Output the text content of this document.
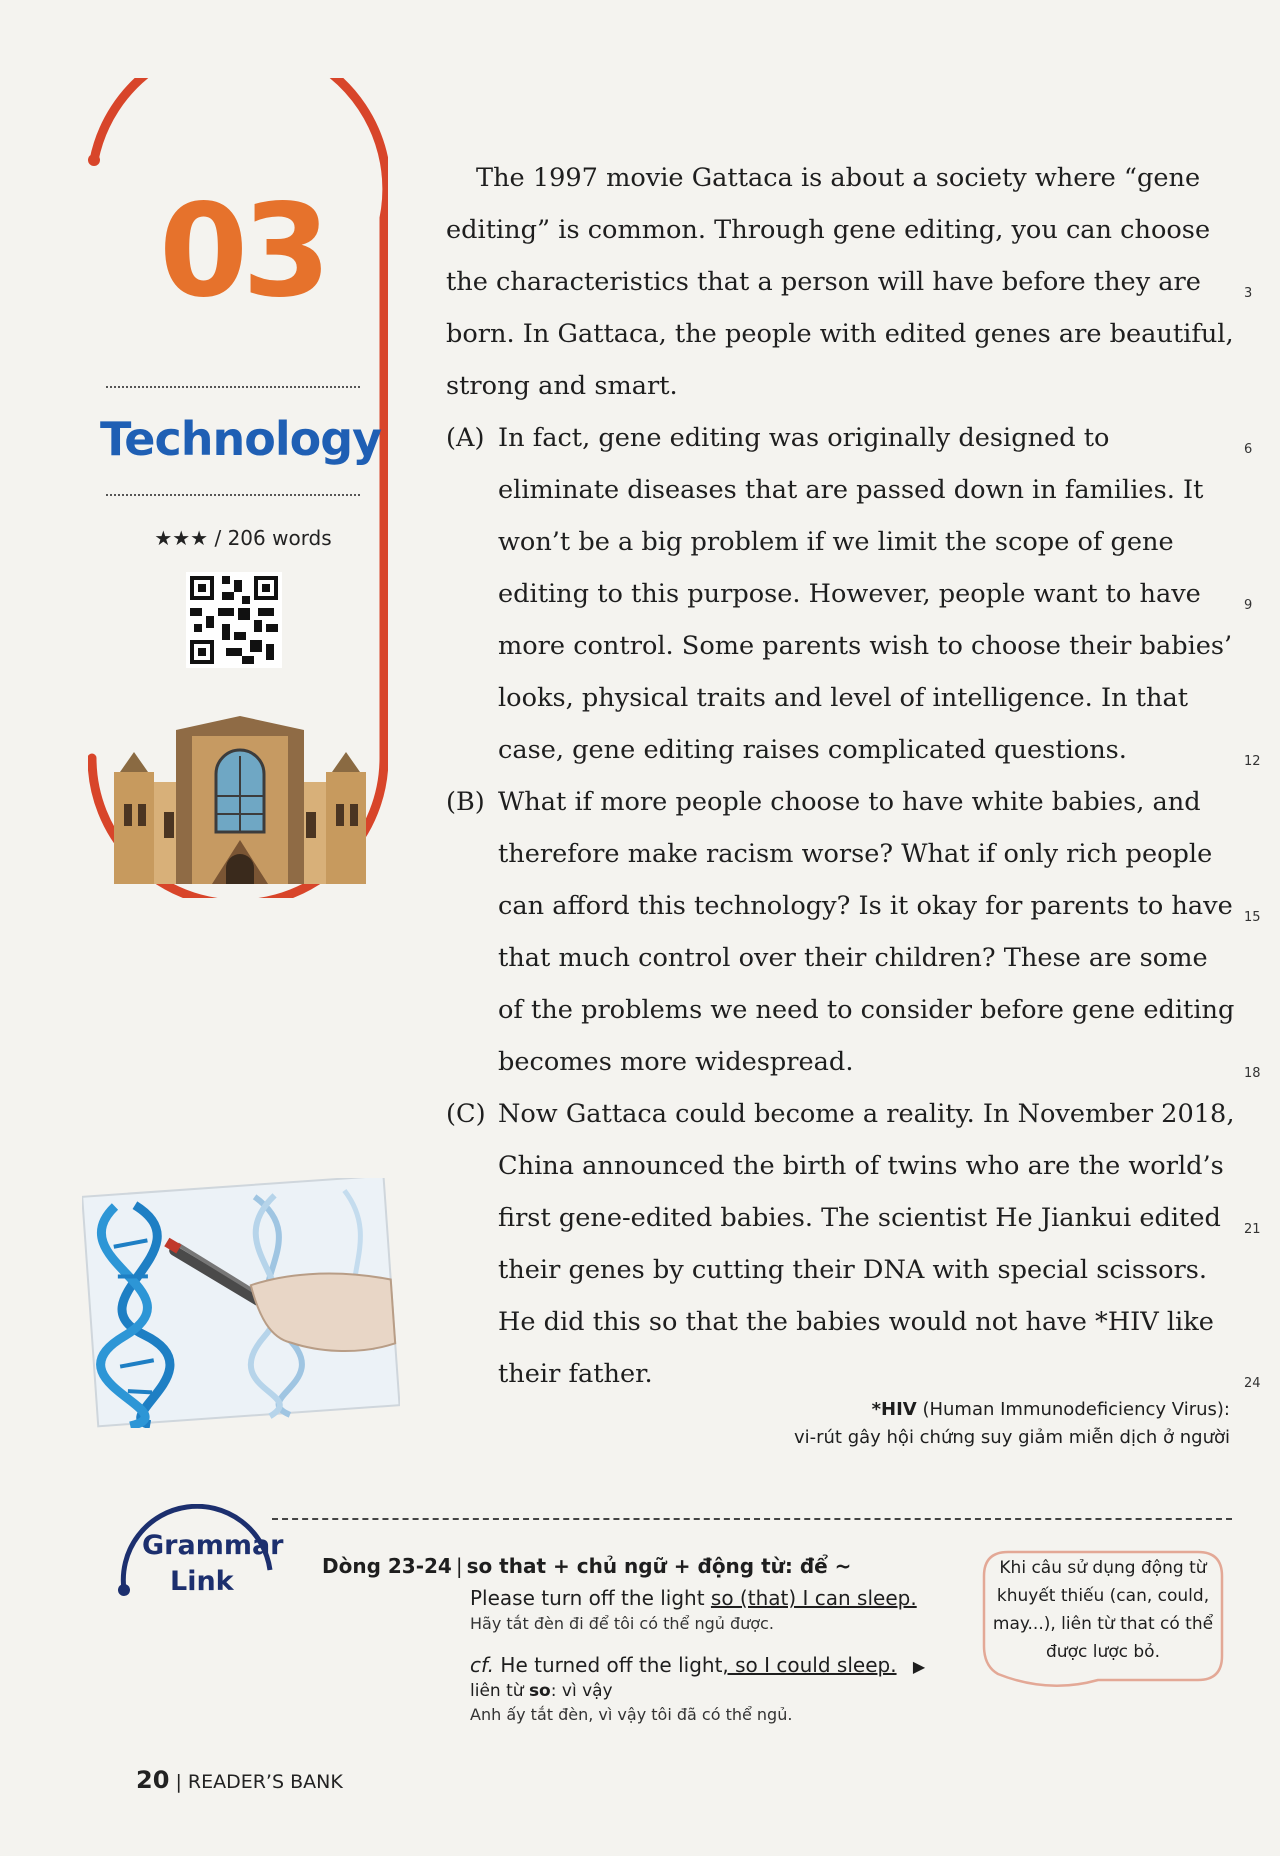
03
Technology
★★★ / 206 words

The 1997 movie Gattaca is about a society where “gene editing” is common. Through gene editing, you can choose the characteristics that a person will have before they are born. In Gattaca, the people with edited genes are beautiful, strong and smart.

(A) In fact, gene editing was originally designed to eliminate diseases that are passed down in families. It won’t be a big problem if we limit the scope of gene editing to this purpose. However, people want to have more control. Some parents wish to choose their babies’ looks, physical traits and level of intelligence. In that case, gene editing raises complicated questions.

(B) What if more people choose to have white babies, and therefore make racism worse? What if only rich people can afford this technology? Is it okay for parents to have that much control over their children? These are some of the problems we need to consider before gene editing becomes more widespread.

(C) Now Gattaca could become a reality. In November 2018, China announced the birth of twins who are the world’s first gene-edited babies. The scientist He Jiankui edited their genes by cutting their DNA with special scissors. He did this so that the babies would not have *HIV like their father.

3
6
9
12
15
18
21
24
*HIV (Human Immunodeficiency Virus):
vi-rút gây hội chứng suy giảm miễn dịch ở người
Grammar
Link	Dòng 23-24 | so that + chủ ngữ + động từ: để ~

Please turn off the light so (that) I can sleep.

Hãy tắt đèn đi để tôi có thể ngủ được.

cf. He turned off the light, so I could sleep. ▶ liên từ so: vì vậy

Anh ấy tắt đèn, vì vậy tôi đã có thể ngủ.

Khi câu sử dụng động từ khuyết thiếu (can, could, may...), liên từ that có thể được lược bỏ.
20 | READER’S BANK
